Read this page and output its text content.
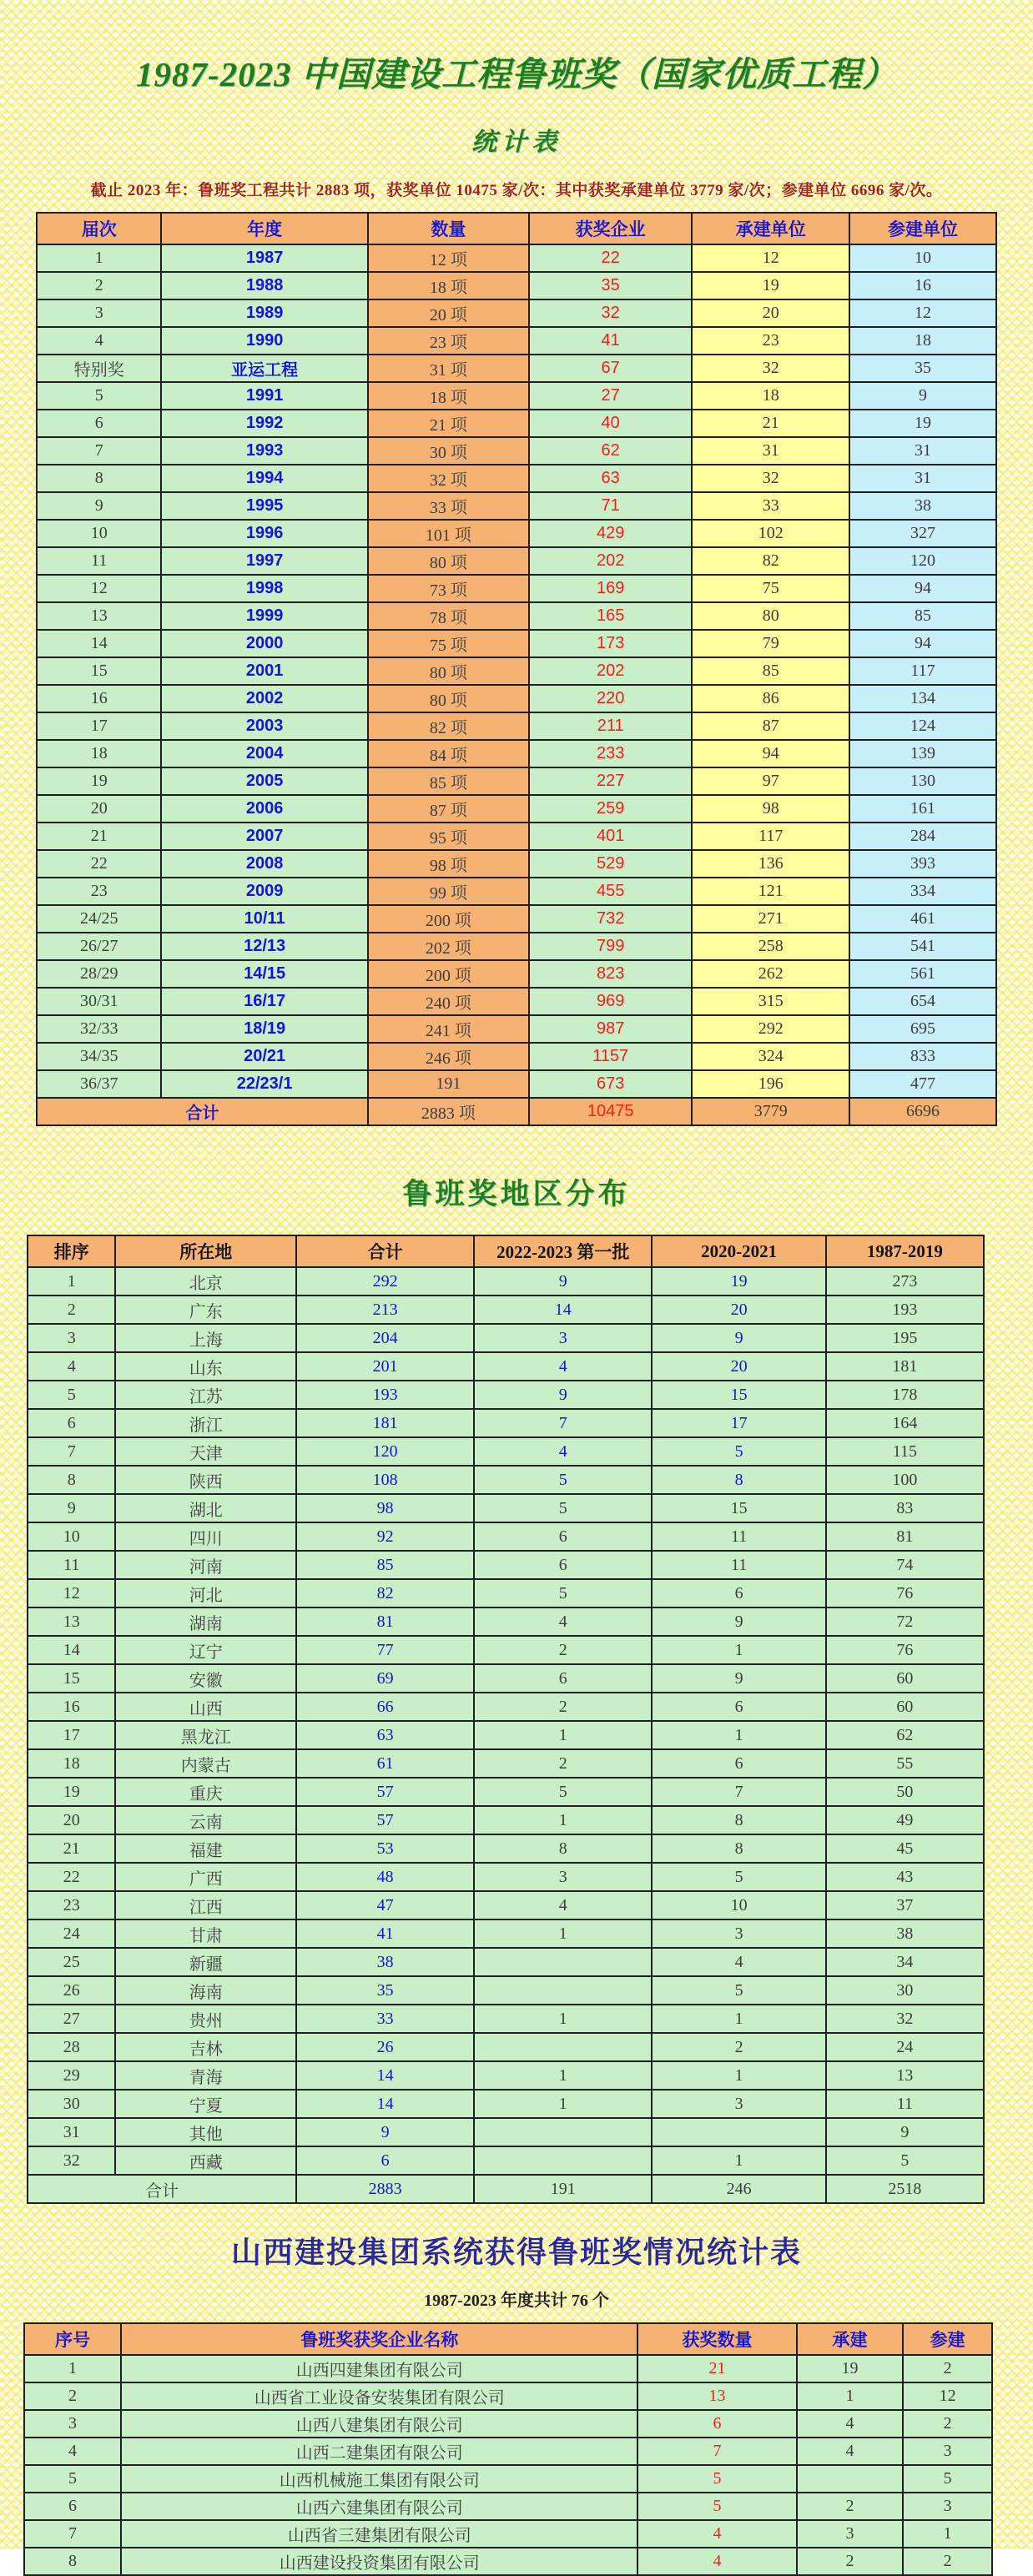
1987-2023 中国建设工程鲁班奖（国家优质工程）
统计表
截止 2023 年：鲁班奖工程共计 2883 项，获奖单位 10475 家/次：其中获奖承建单位 3779 家/次；参建单位 6696 家/次。
届次	年度	数量	获奖企业	承建单位	参建单位
1	1987	12 项	22	12	10
2	1988	18 项	35	19	16
3	1989	20 项	32	20	12
4	1990	23 项	41	23	18
特别奖	亚运工程	31 项	67	32	35
5	1991	18 项	27	18	9
6	1992	21 项	40	21	19
7	1993	30 项	62	31	31
8	1994	32 项	63	32	31
9	1995	33 项	71	33	38
10	1996	101 项	429	102	327
11	1997	80 项	202	82	120
12	1998	73 项	169	75	94
13	1999	78 项	165	80	85
14	2000	75 项	173	79	94
15	2001	80 项	202	85	117
16	2002	80 项	220	86	134
17	2003	82 项	211	87	124
18	2004	84 项	233	94	139
19	2005	85 项	227	97	130
20	2006	87 项	259	98	161
21	2007	95 项	401	117	284
22	2008	98 项	529	136	393
23	2009	99 项	455	121	334
24/25	10/11	200 项	732	271	461
26/27	12/13	202 项	799	258	541
28/29	14/15	200 项	823	262	561
30/31	16/17	240 项	969	315	654
32/33	18/19	241 项	987	292	695
34/35	20/21	246 项	1157	324	833
36/37	22/23/1	191	673	196	477
合计		2883 项	10475	3779	6696
鲁班奖地区分布
排序	所在地	合计	2022-2023 第一批	2020-2021	1987-2019
1	北京	292	9	19	273
2	广东	213	14	20	193
3	上海	204	3	9	195
4	山东	201	4	20	181
5	江苏	193	9	15	178
6	浙江	181	7	17	164
7	天津	120	4	5	115
8	陕西	108	5	8	100
9	湖北	98	5	15	83
10	四川	92	6	11	81
11	河南	85	6	11	74
12	河北	82	5	6	76
13	湖南	81	4	9	72
14	辽宁	77	2	1	76
15	安徽	69	6	9	60
16	山西	66	2	6	60
17	黑龙江	63	1	1	62
18	内蒙古	61	2	6	55
19	重庆	57	5	7	50
20	云南	57	1	8	49
21	福建	53	8	8	45
22	广西	48	3	5	43
23	江西	47	4	10	37
24	甘肃	41	1	3	38
25	新疆	38		4	34
26	海南	35		5	30
27	贵州	33	1	1	32
28	吉林	26		2	24
29	青海	14	1	1	13
30	宁夏	14	1	3	11
31	其他	9			9
32	西藏	6		1	5
合计		2883	191	246	2518
山西建投集团系统获得鲁班奖情况统计表
1987-2023 年度共计 76 个
序号	鲁班奖获奖企业名称	获奖数量	承建	参建
1	山西四建集团有限公司	21	19	2
2	山西省工业设备安装集团有限公司	13	1	12
3	山西八建集团有限公司	6	4	2
4	山西二建集团有限公司	7	4	3
5	山西机械施工集团有限公司	5		5
6	山西六建集团有限公司	5	2	3
7	山西省三建集团有限公司	4	3	1
8	山西建设投资集团有限公司	4	2	2
